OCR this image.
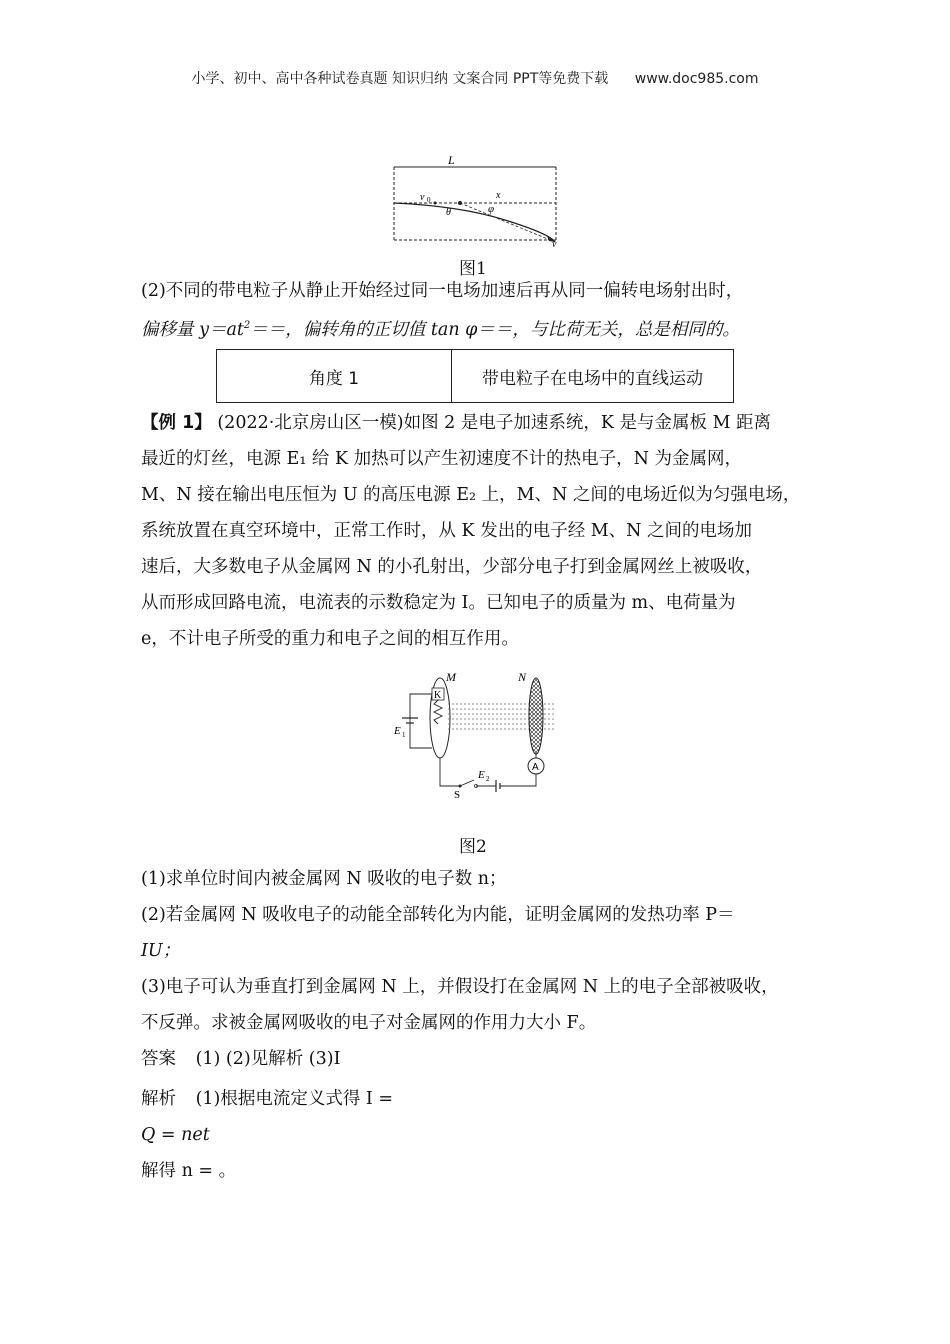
小学、初中、高中各种试卷真题 知识归纳 文案合同 PPT等免费下载 www.doc985.com
L
v 0	x
θ	φ
v
图1
(2)不同的带电粒子从静止开始经过同一电场加速后再从同一偏转电场射出时，
偏移量 $y=at^2==$，偏转角的正切值 tan φ＝＝，与比荷无关，总是相同的。
角度 1	带电粒子在电场中的直线运动
【例 1】 (2022·北京房山区一模)如图 2 是电子加速系统，K 是与金属板 M 距离
最近的灯丝，电源 E₁ 给 K 加热可以产生初速度不计的热电子，N 为金属网，
M、N 接在输出电压恒为 U 的高压电源 E₂ 上，M、N 之间的电场近似为匀强电场，
系统放置在真空环境中，正常工作时，从 K 发出的电子经 M、N 之间的电场加
速后，大多数电子从金属网 N 的小孔射出，少部分电子打到金属网丝上被吸收，
从而形成回路电流，电流表的示数稳定为 I。已知电子的质量为 m、电荷量为
e，不计电子所受的重力和电子之间的相互作用。
A
M	N
K
E 1
E 2
S
图2
(1)求单位时间内被金属网 N 吸收的电子数 n；
(2)若金属网 N 吸收电子的动能全部转化为内能，证明金属网的发热功率 P＝
IU；
(3)电子可认为垂直打到金属网 N 上，并假设打在金属网 N 上的电子全部被吸收，
不反弹。求被金属网吸收的电子对金属网的作用力大小 F。
答案 (1) (2)见解析 (3)I
解析 (1)根据电流定义式得 I =
Q = net
解得 n = 。
